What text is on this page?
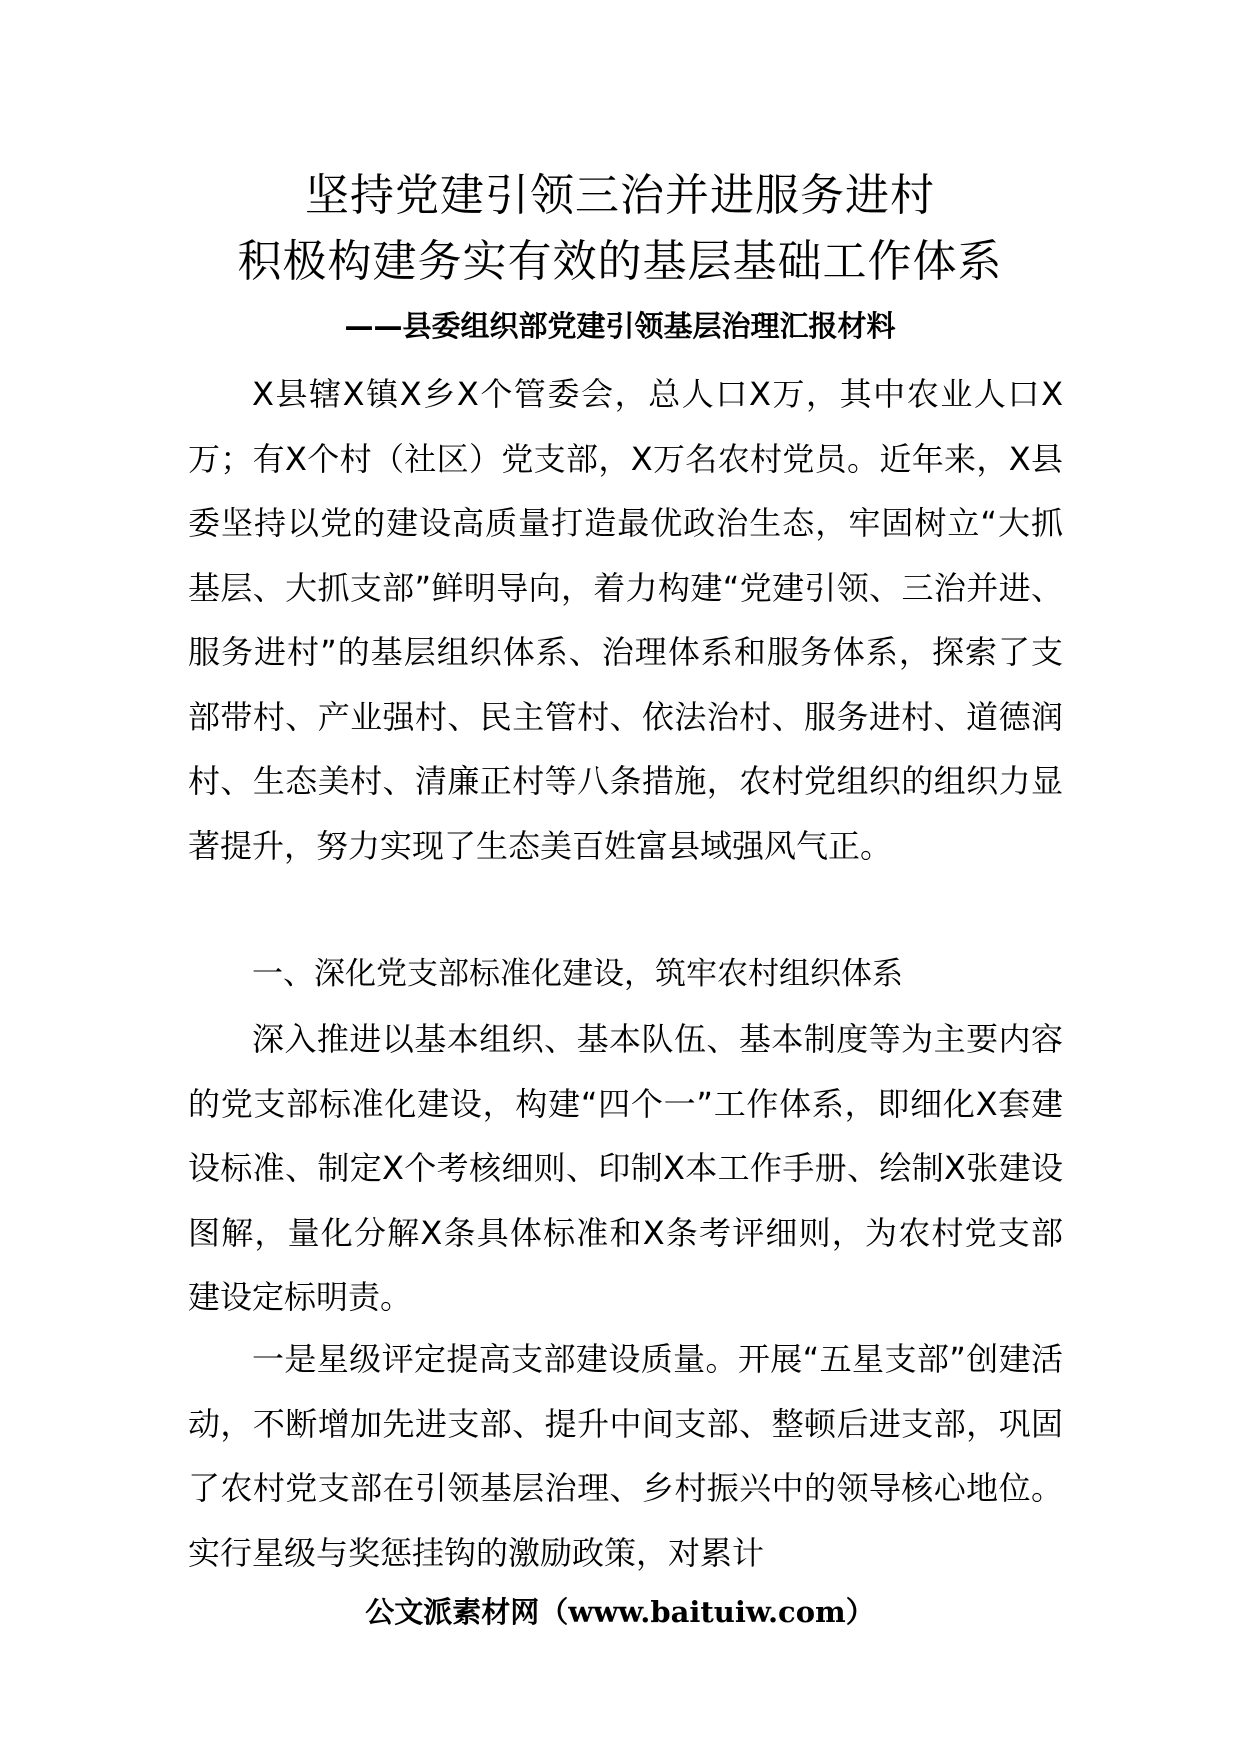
坚持党建引领三治并进服务进村
积极构建务实有效的基层基础工作体系
——县委组织部党建引领基层治理汇报材料
X县辖X镇X乡X个管委会，总人口X万，其中农业人口X万；有X个村（社区）党支部，X万名农村党员。近年来，X县委坚持以党的建设高质量打造最优政治生态，牢固树立“大抓基层、大抓支部”鲜明导向，着力构建“党建引领、三治并进、服务进村”的基层组织体系、治理体系和服务体系，探索了支部带村、产业强村、民主管村、依法治村、服务进村、道德润村、生态美村、清廉正村等八条措施，农村党组织的组织力显著提升，努力实现了生态美百姓富县域强风气正。
一、深化党支部标准化建设，筑牢农村组织体系
深入推进以基本组织、基本队伍、基本制度等为主要内容的党支部标准化建设，构建“四个一”工作体系，即细化X套建设标准、制定X个考核细则、印制X本工作手册、绘制X张建设图解，量化分解X条具体标准和X条考评细则，为农村党支部建设定标明责。
一是星级评定提高支部建设质量。开展“五星支部”创建活动，不断增加先进支部、提升中间支部、整顿后进支部，巩固了农村党支部在引领基层治理、乡村振兴中的领导核心地位。实行星级与奖惩挂钩的激励政策，对累计
公文派素材网（www.baituiw.com）
